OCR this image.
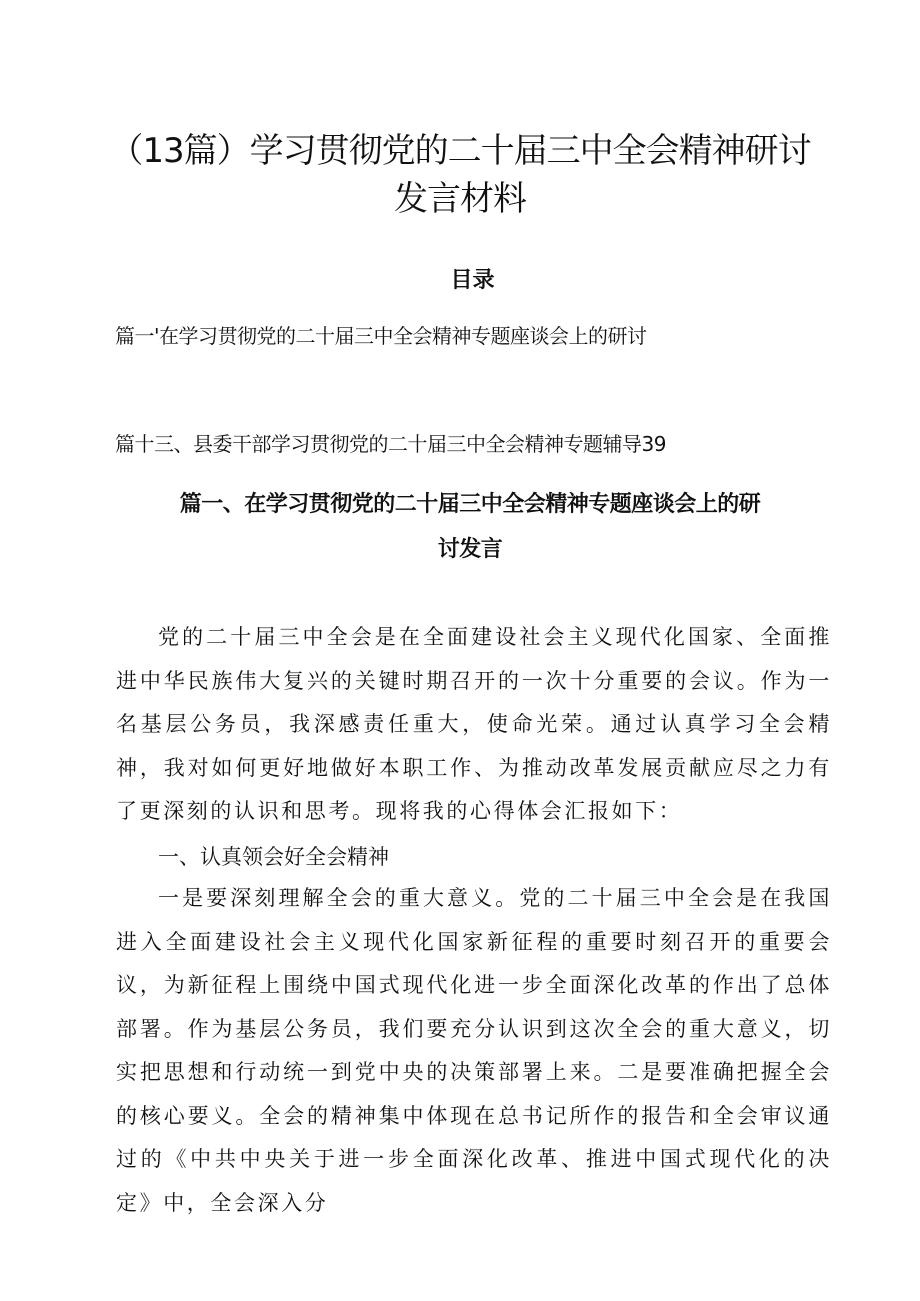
（13篇）学习贯彻党的二十届三中全会精神研讨
发言材料
目录

篇一'在学习贯彻党的二十届三中全会精神专题座谈会上的研讨

篇十三、县委干部学习贯彻党的二十届三中全会精神专题辅导39

篇一、在学习贯彻党的二十届三中全会精神专题座谈会上的研
讨发言

党的二十届三中全会是在全面建设社会主义现代化国家、全面推进中华民族伟大复兴的关键时期召开的一次十分重要的会议。作为一名基层公务员，我深感责任重大，使命光荣。通过认真学习全会精神，我对如何更好地做好本职工作、为推动改革发展贡献应尽之力有了更深刻的认识和思考。现将我的心得体会汇报如下：

一、认真领会好全会精神

一是要深刻理解全会的重大意义。党的二十届三中全会是在我国进入全面建设社会主义现代化国家新征程的重要时刻召开的重要会议，为新征程上围绕中国式现代化进一步全面深化改革的作出了总体部署。作为基层公务员，我们要充分认识到这次全会的重大意义，切实把思想和行动统一到党中央的决策部署上来。二是要准确把握全会的核心要义。全会的精神集中体现在总书记所作的报告和全会审议通过的《中共中央关于进一步全面深化改革、推进中国式现代化的决定》中，全会深入分
